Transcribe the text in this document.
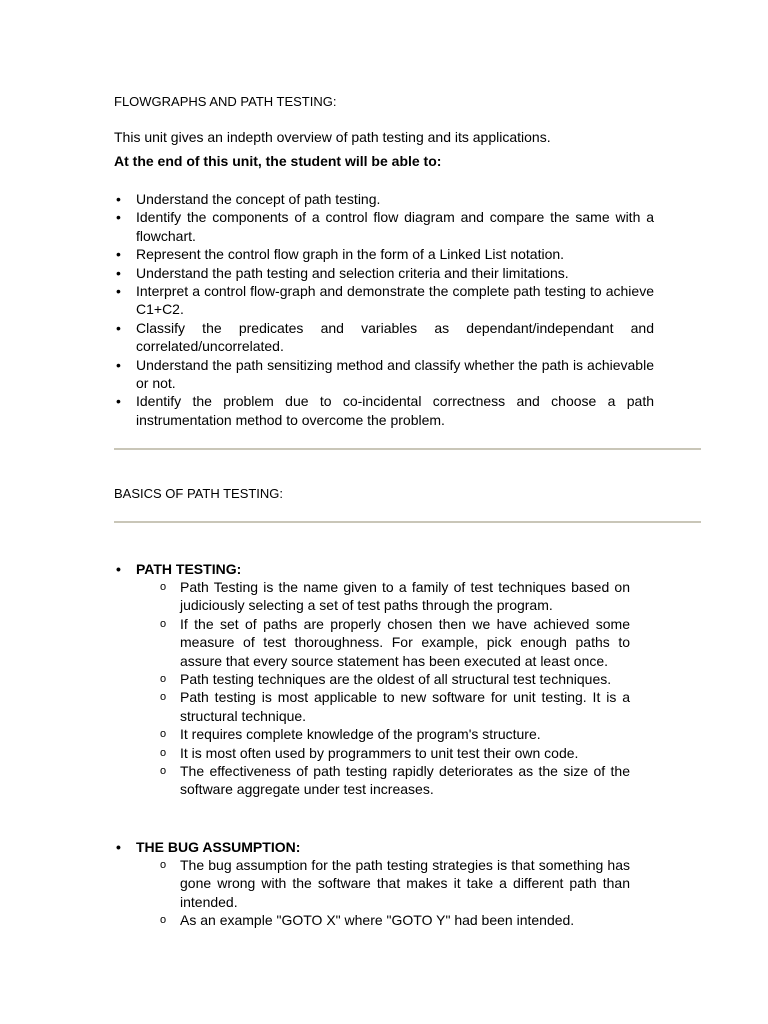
FLOWGRAPHS AND PATH TESTING:
This unit gives an indepth overview of path testing and its applications.
At the end of this unit, the student will be able to:
• Understand the concept of path testing.
• Identify the components of a control flow diagram and compare the same with a flowchart.
• Represent the control flow graph in the form of a Linked List notation.
• Understand the path testing and selection criteria and their limitations.
• Interpret a control flow-graph and demonstrate the complete path testing to achieve C1+C2.
• Classify the predicates and variables as dependant/independant and correlated/uncorrelated.
• Understand the path sensitizing method and classify whether the path is achievable or not.
• Identify the problem due to co-incidental correctness and choose a path instrumentation method to overcome the problem.
BASICS OF PATH TESTING:
• PATH TESTING:
o Path Testing is the name given to a family of test techniques based on judiciously selecting a set of test paths through the program.
o If the set of paths are properly chosen then we have achieved some measure of test thoroughness. For example, pick enough paths to assure that every source statement has been executed at least once.
o Path testing techniques are the oldest of all structural test techniques.
o Path testing is most applicable to new software for unit testing. It is a structural technique.
o It requires complete knowledge of the program's structure.
o It is most often used by programmers to unit test their own code.
o The effectiveness of path testing rapidly deteriorates as the size of the software aggregate under test increases.
• THE BUG ASSUMPTION:
o The bug assumption for the path testing strategies is that something has gone wrong with the software that makes it take a different path than intended.
o As an example "GOTO X" where "GOTO Y" had been intended.
